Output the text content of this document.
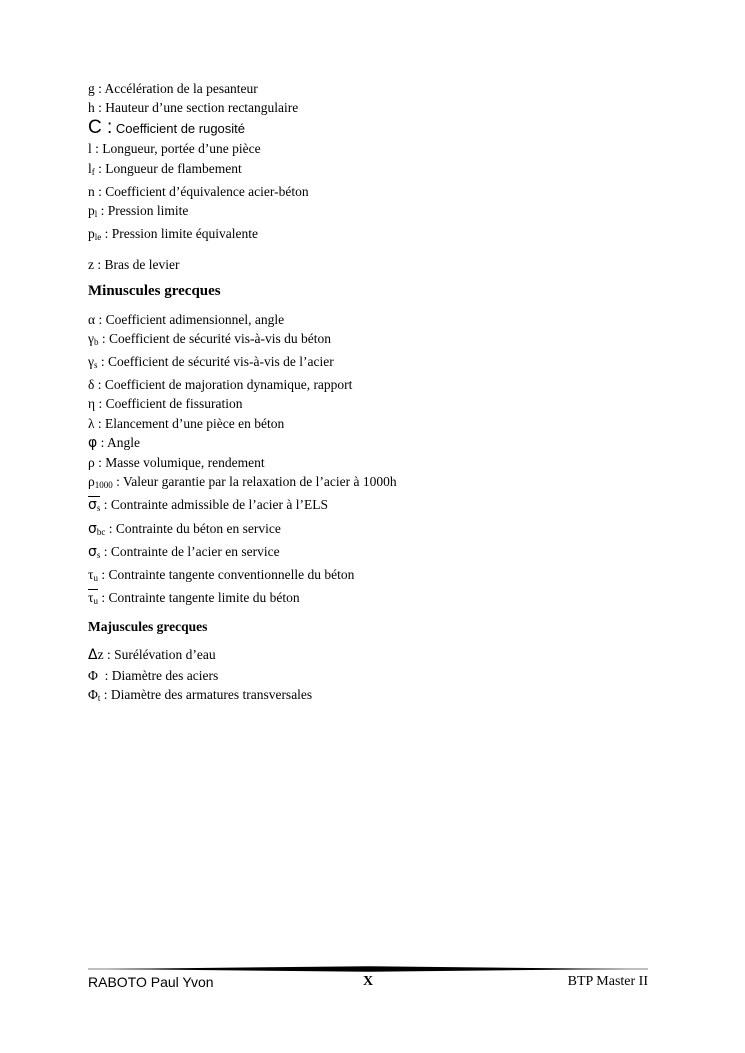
g : Accélération de la pesanteur
h : Hauteur d’une section rectangulaire
C : Coefficient de rugosité
l : Longueur, portée d’une pièce
$l_f$ : Longueur de flambement
n : Coefficient d’équivalence acier-béton
$p_l$ : Pression limite
$p_{le}$ : Pression limite équivalente
z : Bras de levier
Minuscules grecques
α : Coefficient adimensionnel, angle
$\gamma_b$ : Coefficient de sécurité vis-à-vis du béton
$\gamma_s$ : Coefficient de sécurité vis-à-vis de l’acier
δ : Coefficient de majoration dynamique, rapport
η : Coefficient de fissuration
λ : Elancement d’une pièce en béton
φ : Angle
ρ : Masse volumique, rendement
$\rho_{1000}$ : Valeur garantie par la relaxation de l’acier à 1000h
$\sigma_s$ : Contrainte admissible de l’acier à l’ELS
$\sigma_{bc}$ : Contrainte du béton en service
$\sigma_s$ : Contrainte de l’acier en service
$\tau_u$ : Contrainte tangente conventionnelle du béton
$\tau_u$ : Contrainte tangente limite du béton
Majuscules grecques
Δz : Surélévation d’eau
Φ  : Diamètre des aciers
$\Phi_t$ : Diamètre des armatures transversales
RABOTO Paul Yvon	X	BTP Master II
